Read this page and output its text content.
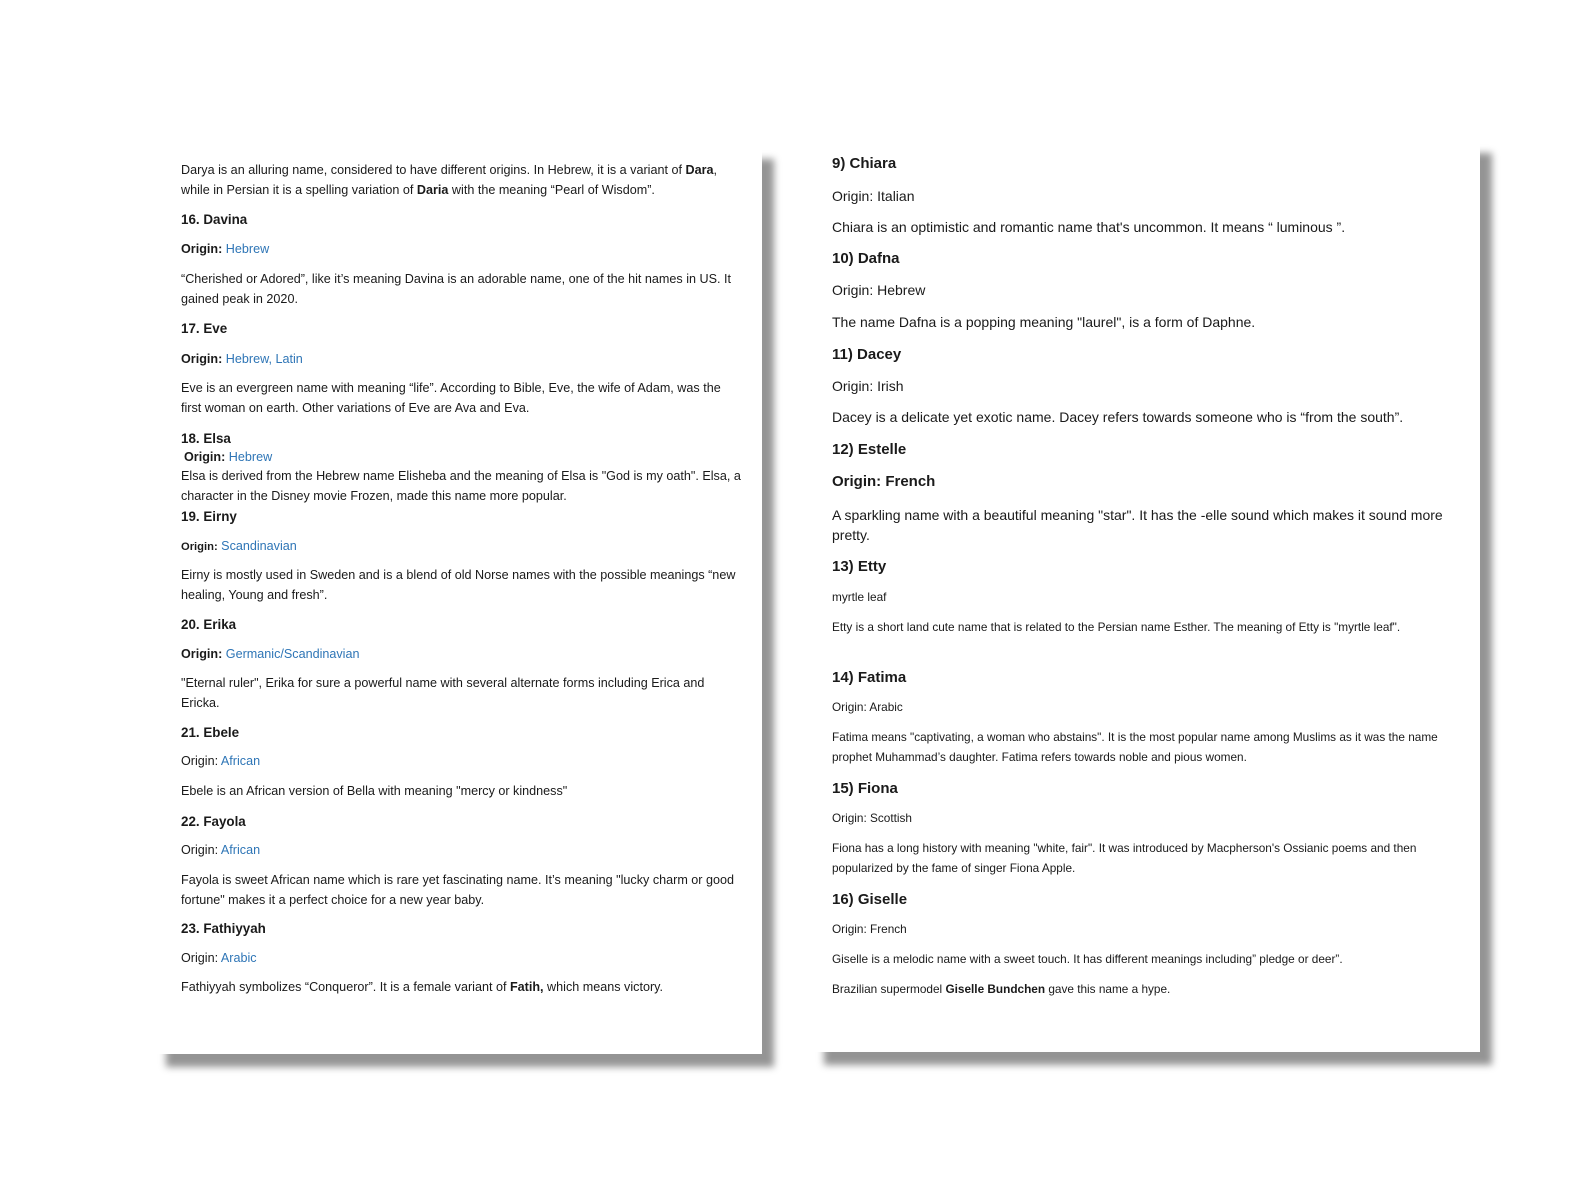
Darya is an alluring name, considered to have different origins. In Hebrew, it is a variant of Dara, while in Persian it is a spelling variation of Daria with the meaning “Pearl of Wisdom”.

16. Davina

Origin: Hebrew

“Cherished or Adored”, like it’s meaning Davina is an adorable name, one of the hit names in US. It gained peak in 2020.

17. Eve

Origin: Hebrew, Latin

Eve is an evergreen name with meaning “life”. According to Bible, Eve, the wife of Adam, was the first woman on earth. Other variations of Eve are Ava and Eva.

18. Elsa

Origin: Hebrew

Elsa is derived from the Hebrew name Elisheba and the meaning of Elsa is "God is my oath". Elsa, a character in the Disney movie Frozen, made this name more popular.

19. Eirny

Origin: Scandinavian

Eirny is mostly used in Sweden and is a blend of old Norse names with the possible meanings “new healing, Young and fresh”.

20. Erika

Origin: Germanic/Scandinavian

"Eternal ruler", Erika for sure a powerful name with several alternate forms including Erica and Ericka.

21. Ebele

Origin: African

Ebele is an African version of Bella with meaning "mercy or kindness"

22. Fayola

Origin: African

Fayola is sweet African name which is rare yet fascinating name. It’s meaning "lucky charm or good fortune" makes it a perfect choice for a new year baby.

23. Fathiyyah

Origin: Arabic

Fathiyyah symbolizes “Conqueror”. It is a female variant of Fatih, which means victory.

9) Chiara

Origin: Italian

Chiara is an optimistic and romantic name that's uncommon. It means “ luminous ”.

10) Dafna

Origin: Hebrew

The name Dafna is a popping meaning "laurel", is a form of Daphne.

11) Dacey

Origin: Irish

Dacey is a delicate yet exotic name. Dacey refers towards someone who is “from the south”.

12) Estelle

Origin: French

A sparkling name with a beautiful meaning "star". It has the -elle sound which makes it sound more pretty.

13) Etty

myrtle leaf

Etty is a short land cute name that is related to the Persian name Esther. The meaning of Etty is "myrtle leaf".

14) Fatima

Origin: Arabic

Fatima means "captivating, a woman who abstains". It is the most popular name among Muslims as it was the name prophet Muhammad’s daughter. Fatima refers towards noble and pious women.

15) Fiona

Origin: Scottish

Fiona has a long history with meaning "white, fair". It was introduced by Macpherson's Ossianic poems and then popularized by the fame of singer Fiona Apple.

16) Giselle

Origin: French

Giselle is a melodic name with a sweet touch. It has different meanings including” pledge or deer”.

Brazilian supermodel Giselle Bundchen gave this name a hype.
